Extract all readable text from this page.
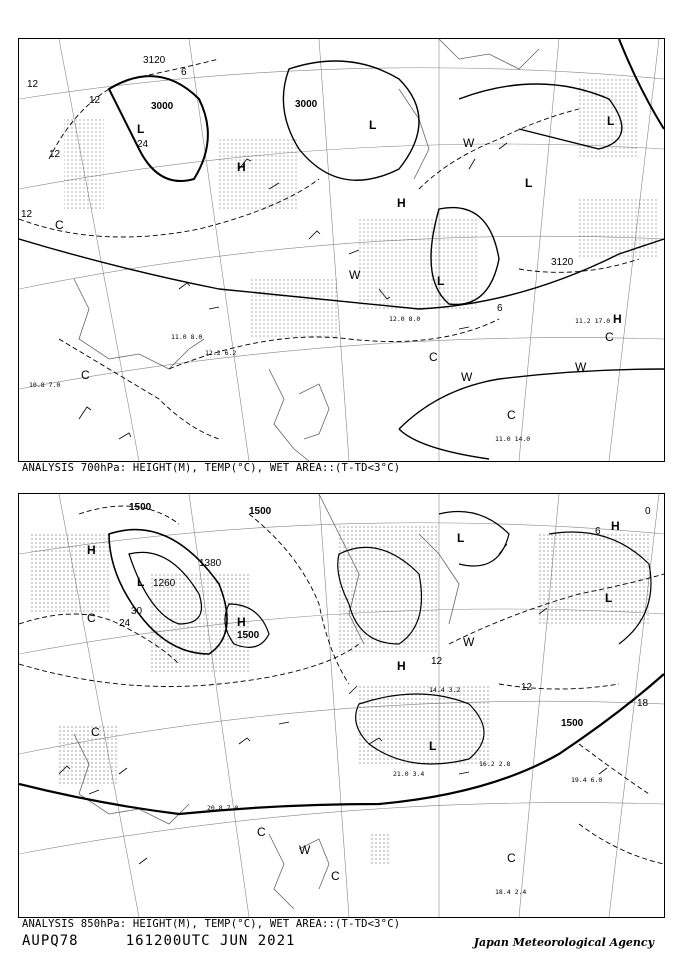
3120
3000	3000
3120
12
12
12
12
24
6
6
H
H
H
L	L
L
L
L
C
C
C
C
C
W
W
W
W
11.2 17.0
11.0 14.0
10.8 7.0
12.0 8.0
11.0 8.0
12.2 6.2
ANALYSIS 700hPa: HEIGHT(M), TEMP(°C), WET AREA::(T-TD<3°C)
1500	1500
1500
1380
1260
1500
30
24
12
12
18
0
6
H
H
H
H
L
L
L
L
C
C
C
C
W
W
C
19.4 6.0
18.4 2.4
20.8 7.0
21.0 3.4
14.4 3.2
16.2 2.8
ANALYSIS 850hPa: HEIGHT(M), TEMP(°C), WET AREA::(T-TD<3°C)
AUPQ78	161200UTC JUN 2021	Japan Meteorological Agency
